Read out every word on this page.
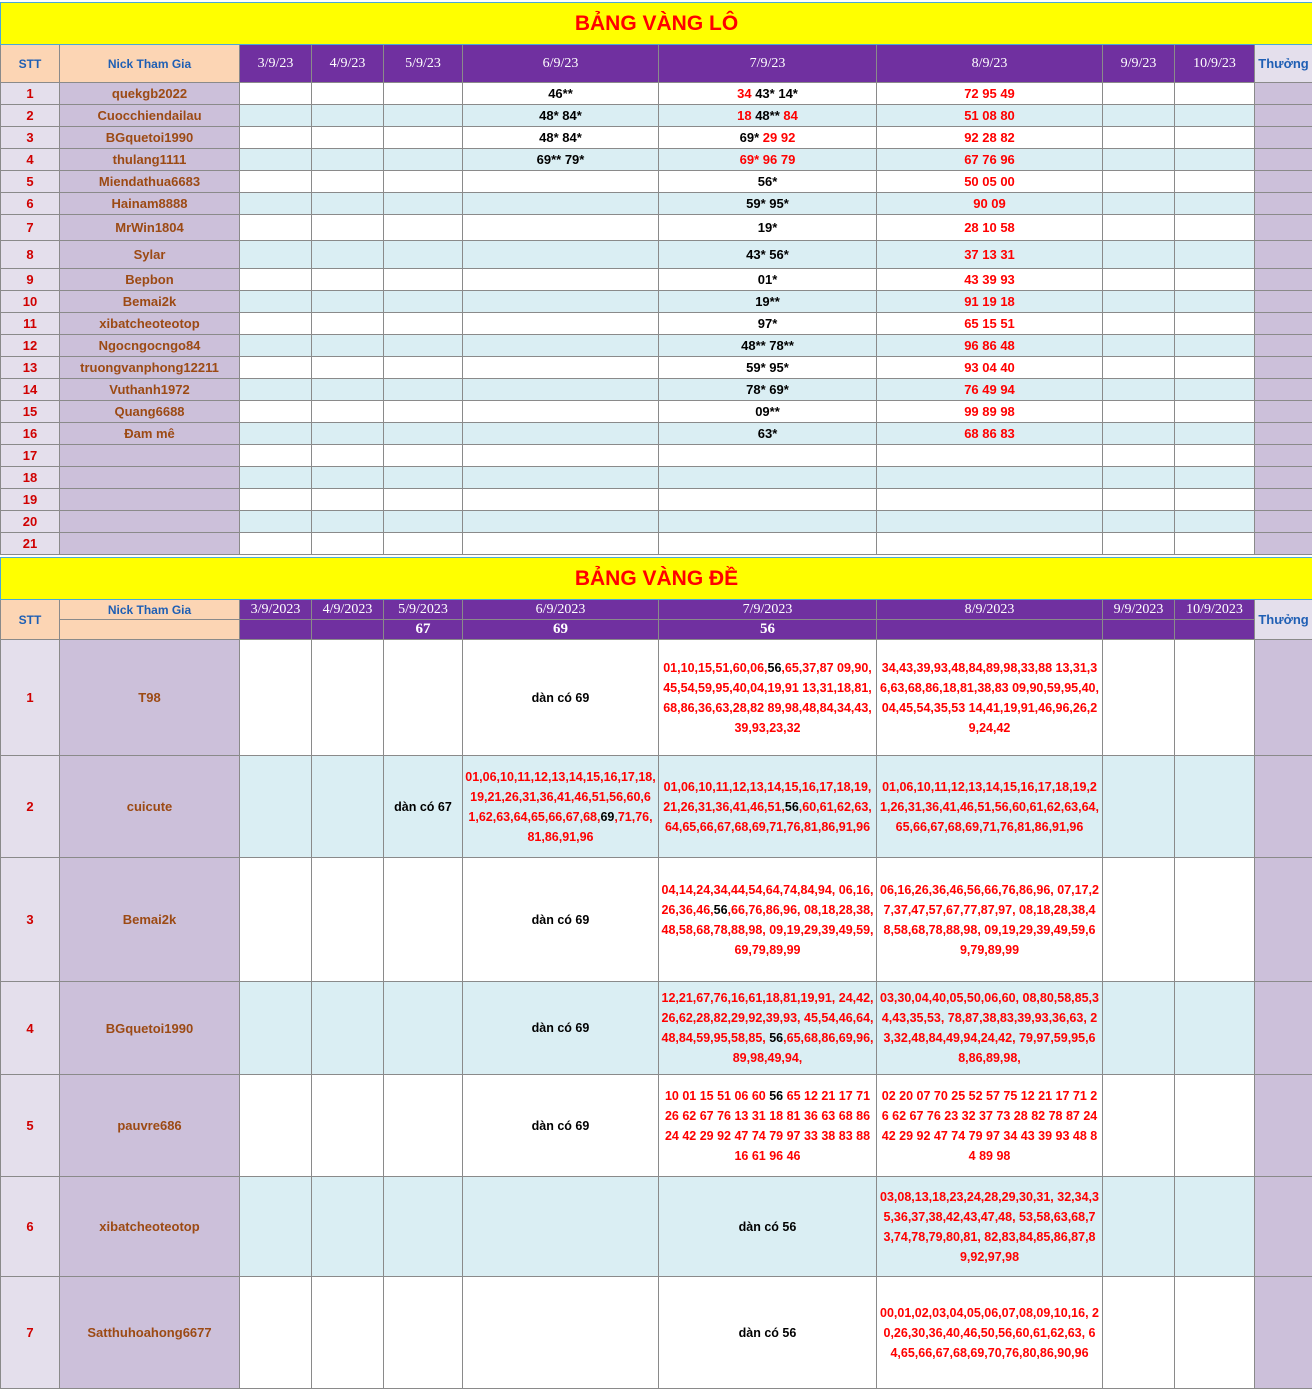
BẢNG VÀNG LÔ										
STT	Nick Tham Gia	3/9/23	4/9/23	5/9/23	6/9/23	7/9/23	8/9/23	9/9/23	10/9/23	Thưởng
1	quekgb2022				46**	34 43* 14*	72 95 49			
2	Cuocchiendailau				48* 84*	18 48** 84	51 08 80			
3	BGquetoi1990				48* 84*	69* 29 92	92 28 82			
4	thulang1111				69** 79*	69* 96 79	67 76 96			
5	Miendathua6683					56*	50 05 00			
6	Hainam8888					59* 95*	90 09			
7	MrWin1804					19*	28 10 58			
8	Sylar					43* 56*	37 13 31			
9	Bepbon					01*	43 39 93			
10	Bemai2k					19**	91 19 18			
11	xibatcheoteotop					97*	65 15 51			
12	Ngocngocngo84					48** 78**	96 86 48			
13	truongvanphong12211					59* 95*	93 04 40			
14	Vuthanh1972					78* 69*	76 49 94			
15	Quang6688					09**	99 89 98			
16	Đam mê					63*	68 86 83			
17										
18										
19										
20										
21										
BẢNG VÀNG ĐỀ										
STT	Nick Tham Gia	3/9/2023	4/9/2023	5/9/2023	6/9/2023	7/9/2023	8/9/2023	9/9/2023	10/9/2023	Thưởng
				67	69	56				
1	T98				dàn có 69	01,10,15,51,60,06,56,65,37,87 09,90,45,54,59,95,40,04,19,91 13,31,18,81,68,86,36,63,28,82 89,98,48,84,34,43,39,93,23,32	34,43,39,93,48,84,89,98,33,88 13,31,36,63,68,86,18,81,38,83 09,90,59,95,40,04,45,54,35,53 14,41,19,91,46,96,26,29,24,42			
2	cuicute			dàn có 67	01,06,10,11,12,13,14,15,16,17,18,19,21,26,31,36,41,46,51,56,60,61,62,63,64,65,66,67,68,69,71,76,81,86,91,96	01,06,10,11,12,13,14,15,16,17,18,19,21,26,31,36,41,46,51,56,60,61,62,63,64,65,66,67,68,69,71,76,81,86,91,96	01,06,10,11,12,13,14,15,16,17,18,19,21,26,31,36,41,46,51,56,60,61,62,63,64,65,66,67,68,69,71,76,81,86,91,96			
3	Bemai2k				dàn có 69	04,14,24,34,44,54,64,74,84,94, 06,16,26,36,46,56,66,76,86,96, 08,18,28,38,48,58,68,78,88,98, 09,19,29,39,49,59,69,79,89,99	06,16,26,36,46,56,66,76,86,96, 07,17,27,37,47,57,67,77,87,97, 08,18,28,38,48,58,68,78,88,98, 09,19,29,39,49,59,69,79,89,99			
4	BGquetoi1990				dàn có 69	12,21,67,76,16,61,18,81,19,91, 24,42,26,62,28,82,29,92,39,93, 45,54,46,64,48,84,59,95,58,85, 56,65,68,86,69,96,89,98,49,94,	03,30,04,40,05,50,06,60, 08,80,58,85,34,43,35,53, 78,87,38,83,39,93,36,63, 23,32,48,84,49,94,24,42, 79,97,59,95,68,86,89,98,			
5	pauvre686				dàn có 69	10 01 15 51 06 60 56 65 12 21 17 71 26 62 67 76 13 31 18 81 36 63 68 86 24 42 29 92 47 74 79 97 33 38 83 88 16 61 96 46	02 20 07 70 25 52 57 75 12 21 17 71 26 62 67 76 23 32 37 73 28 82 78 87 24 42 29 92 47 74 79 97 34 43 39 93 48 84 89 98			
6	xibatcheoteotop					dàn có 56	03,08,13,18,23,24,28,29,30,31, 32,34,35,36,37,38,42,43,47,48, 53,58,63,68,73,74,78,79,80,81, 82,83,84,85,86,87,89,92,97,98			
7	Satthuhoahong6677					dàn có 56	00,01,02,03,04,05,06,07,08,09,10,16, 20,26,30,36,40,46,50,56,60,61,62,63, 64,65,66,67,68,69,70,76,80,86,90,96			
